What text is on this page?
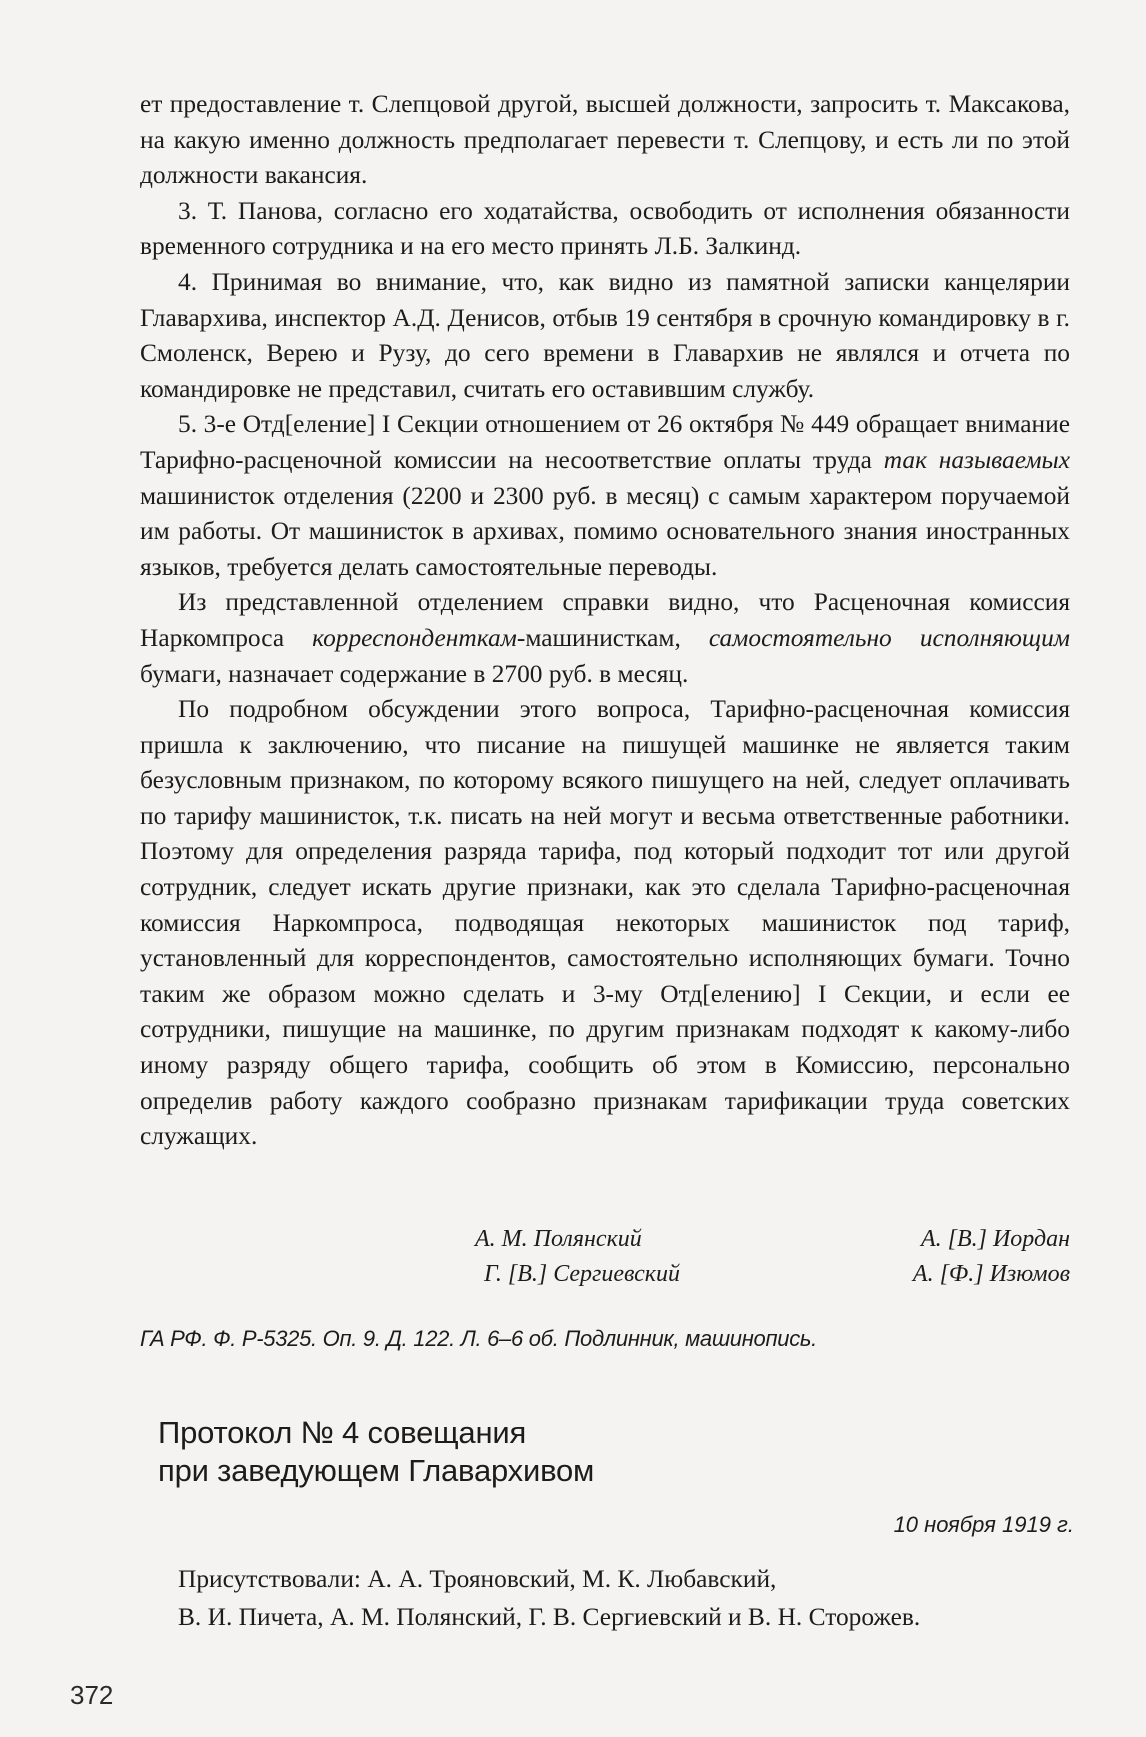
ет предоставление т. Слепцовой другой, высшей должности, запросить т. Максакова, на какую именно должность предполагает перевести т. Слепцову, и есть ли по этой должности вакансия.

3. Т. Панова, согласно его ходатайства, освободить от исполнения обязанности временного сотрудника и на его место принять Л.Б. Залкинд.

4. Принимая во внимание, что, как видно из памятной записки канцелярии Главархива, инспектор А.Д. Денисов, отбыв 19 сентября в срочную командировку в г. Смоленск, Верею и Рузу, до сего времени в Главархив не являлся и отчета по командировке не представил, считать его оставившим службу.

5. 3-е Отд[еление] I Секции отношением от 26 октября № 449 обращает внимание Тарифно-расценочной комиссии на несоответствие оплаты труда так называемых машинисток отделения (2200 и 2300 руб. в месяц) с самым характером поручаемой им работы. От машинисток в архивах, помимо основательного знания иностранных языков, требуется делать самостоятельные переводы.

Из представленной отделением справки видно, что Расценочная комиссия Наркомпроса корреспонденткам-машинисткам, самостоятельно исполняющим бумаги, назначает содержание в 2700 руб. в месяц.

По подробном обсуждении этого вопроса, Тарифно-расценочная комиссия пришла к заключению, что писание на пишущей машинке не является таким безусловным признаком, по которому всякого пишущего на ней, следует оплачивать по тарифу машинисток, т.к. писать на ней могут и весьма ответственные работники. Поэтому для определения разряда тарифа, под который подходит тот или другой сотрудник, следует искать другие признаки, как это сделала Тарифно-расценочная комиссия Наркомпроса, подводящая некоторых машинисток под тариф, установленный для корреспондентов, самостоятельно исполняющих бумаги. Точно таким же образом можно сделать и 3-му Отд[елению] I Секции, и если ее сотрудники, пишущие на машинке, по другим признакам подходят к какому-либо иному разряду общего тарифа, сообщить об этом в Комиссию, персонально определив работу каждого сообразно признакам тарификации труда советских служащих.

А. М. Полянский	А. [В.] Иордан
Г. [В.] Сергиевский	А. [Ф.] Изюмов
ГА РФ. Ф. Р-5325. Оп. 9. Д. 122. Л. 6–6 об. Подлинник, машинопись.
Протокол № 4 совещания
при заведующем Главархивом
10 ноября 1919 г.

Присутствовали: А. А. Трояновский, М. К. Любавский,

В. И. Пичета, А. М. Полянский, Г. В. Сергиевский и В. Н. Сторожев.

372
